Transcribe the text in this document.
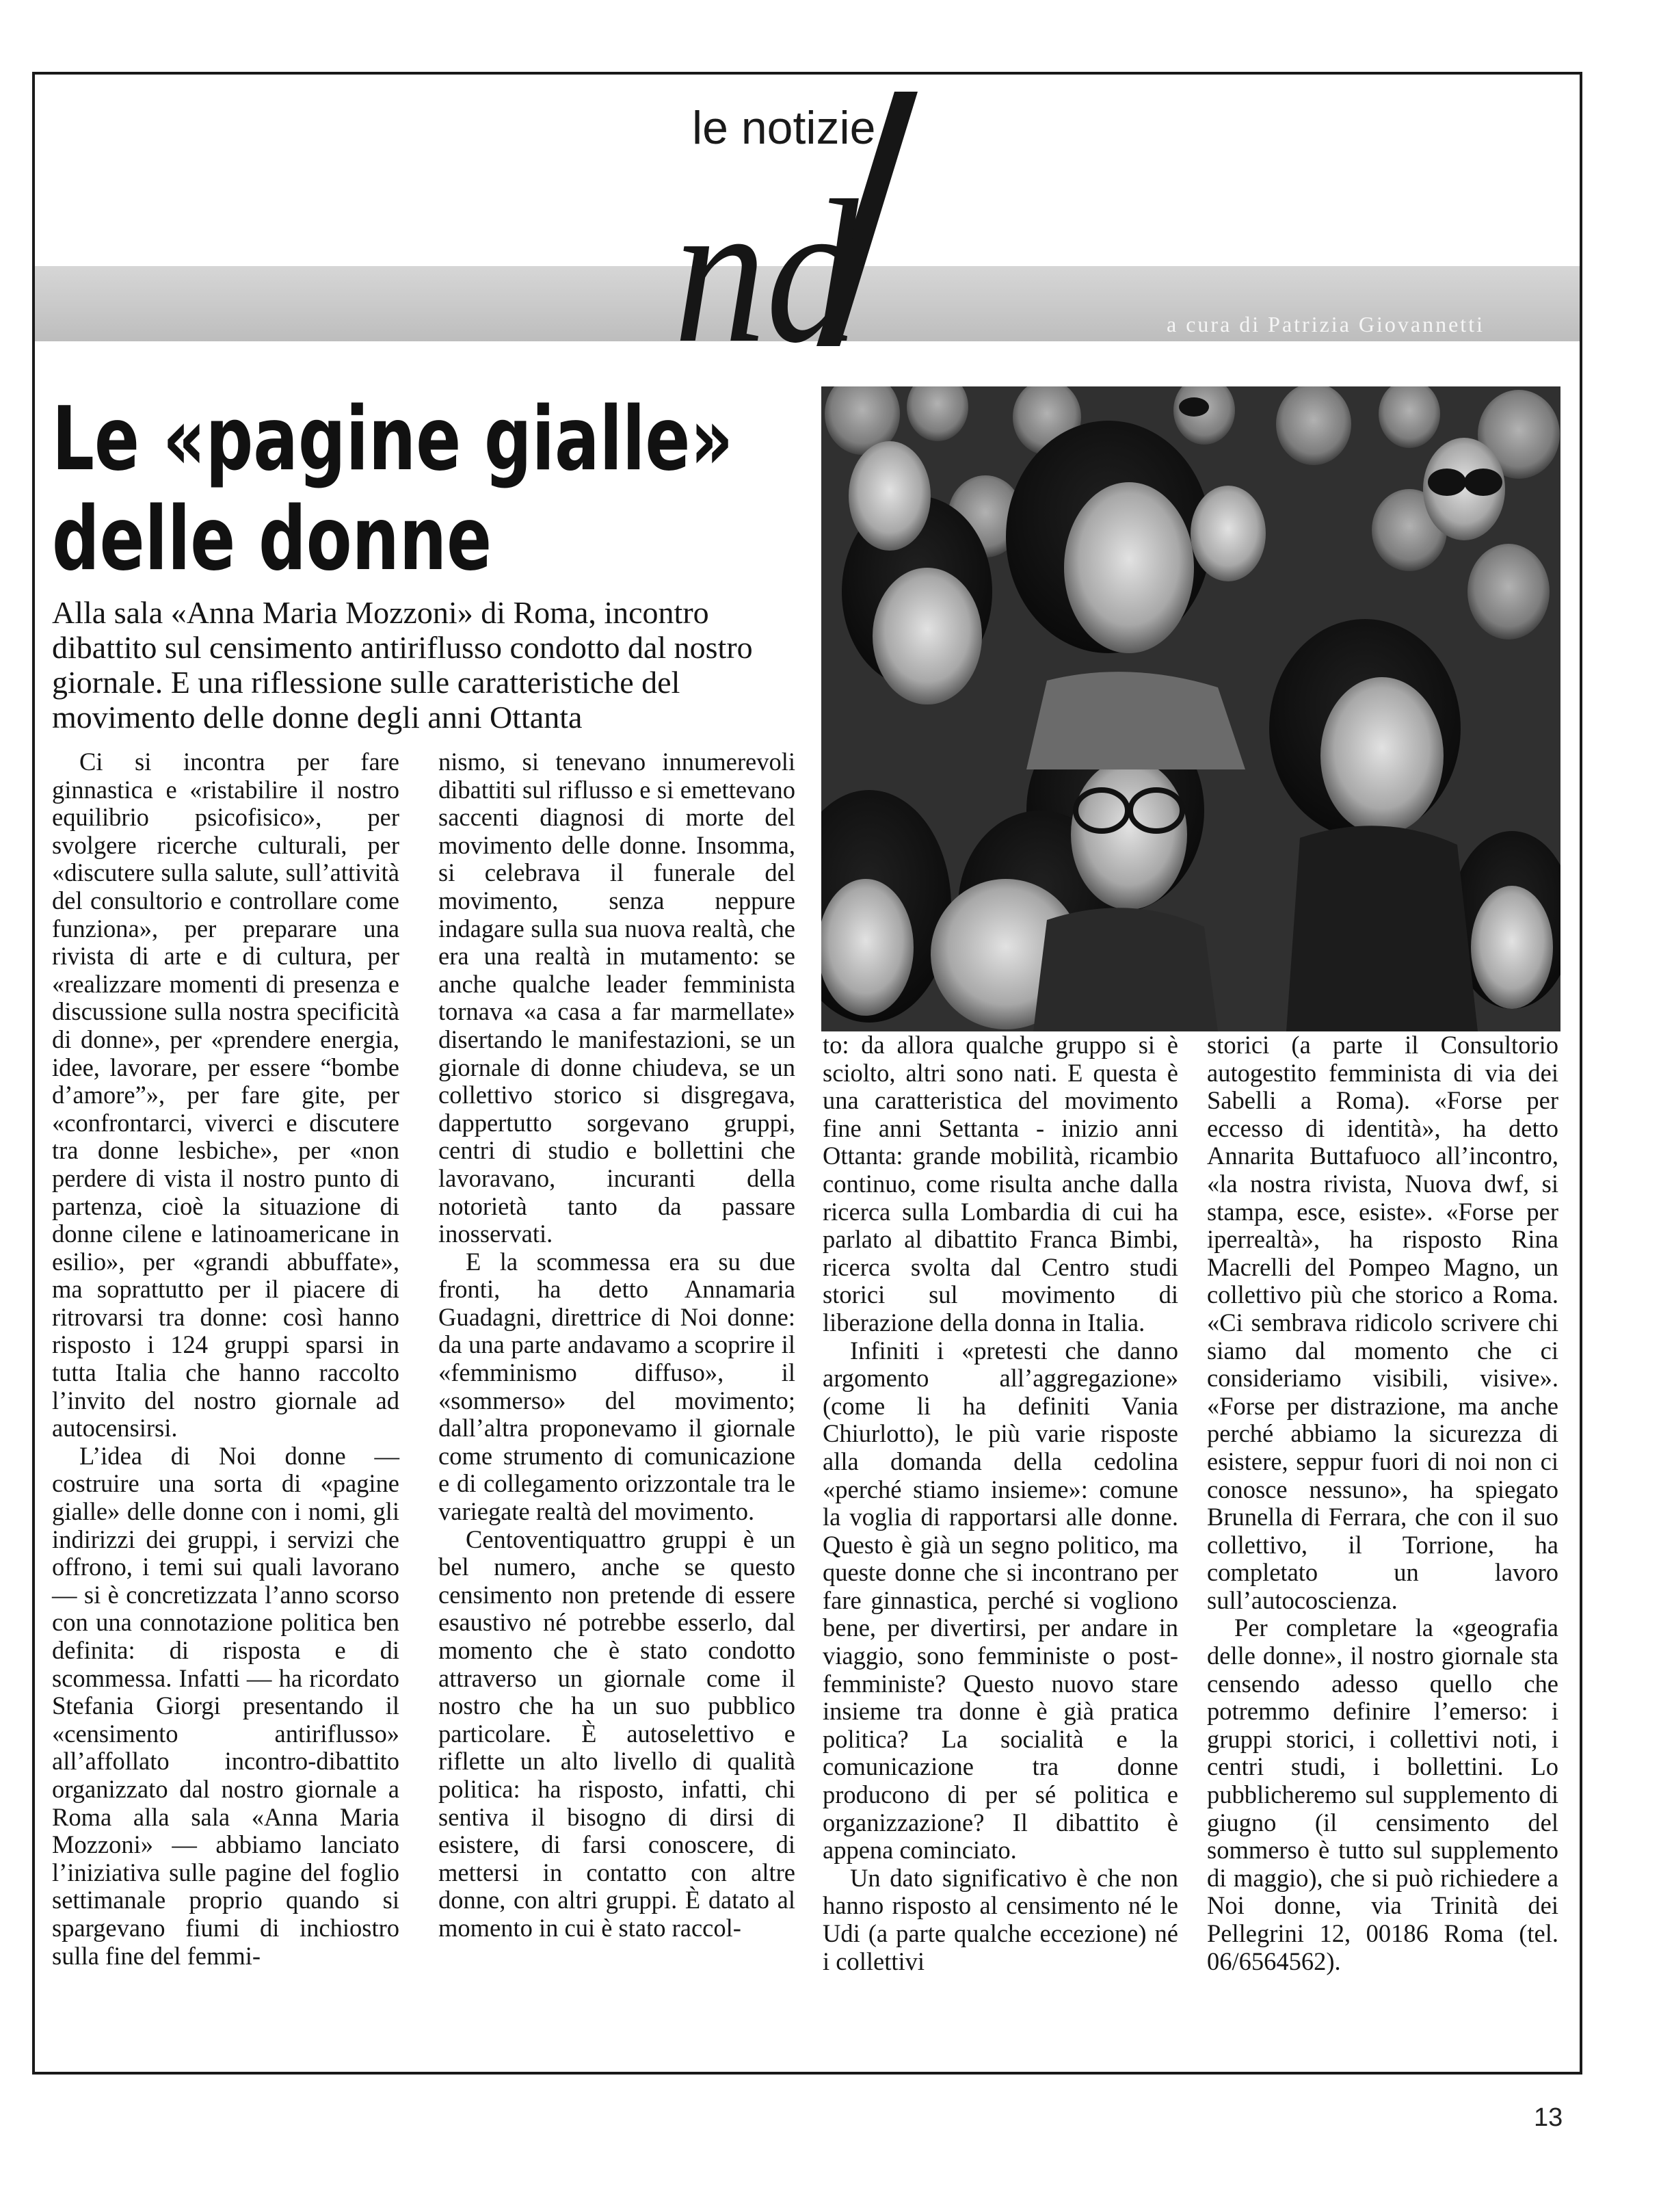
le notizie
nd	a cura di Patrizia Giovannetti
Le «pagine gialle»
delle donne
Alla sala «Anna Maria Mozzoni» di Roma, incontro dibattito sul censimento antiriflusso condotto dal nostro giornale. E una riflessione sulle caratteristiche del movimento delle donne degli anni Ottanta

Ci si incontra per fare ginnastica e «ristabilire il nostro equilibrio psicofisico», per svolgere ricerche culturali, per «discutere sulla salute, sull’attività del consultorio e controllare come funziona», per preparare una rivista di arte e di cultura, per «realizzare momenti di presenza e discussione sulla nostra specificità di donne», per «prendere energia, idee, lavorare, per essere “bombe d’amore”», per fare gite, per «confrontarci, viverci e discutere tra donne lesbiche», per «non perdere di vista il nostro punto di partenza, cioè la situazione di donne cilene e latinoamericane in esilio», per «grandi abbuffate», ma soprattutto per il piacere di ritrovarsi tra donne: così hanno risposto i 124 gruppi sparsi in tutta Italia che hanno raccolto l’invito del nostro giornale ad autocensirsi.

L’idea di Noi donne — costruire una sorta di «pagine gialle» delle donne con i nomi, gli indirizzi dei gruppi, i servizi che offrono, i temi sui quali lavorano — si è concretizzata l’anno scorso con una connotazione politica ben definita: di risposta e di scommessa. Infatti — ha ricordato Stefania Giorgi presentando il «censimento antiriflusso» all’affollato incontro-dibattito organizzato dal nostro giornale a Roma alla sala «Anna Maria Mozzoni» — abbiamo lanciato l’iniziativa sulle pagine del foglio settimanale proprio quando si spargevano fiumi di inchiostro sulla fine del femmi-

nismo, si tenevano innumerevoli dibattiti sul riflusso e si emettevano saccenti diagnosi di morte del movimento delle donne. Insomma, si celebrava il funerale del movimento, senza neppure indagare sulla sua nuova realtà, che era una realtà in mutamento: se anche qualche leader femminista tornava «a casa a far marmellate» disertando le manifestazioni, se un giornale di donne chiudeva, se un collettivo storico si disgregava, dappertutto sorgevano gruppi, centri di studio e bollettini che lavoravano, incuranti della notorietà tanto da passare inosservati.

E la scommessa era su due fronti, ha detto Annamaria Guadagni, direttrice di Noi donne: da una parte andavamo a scoprire il «femminismo diffuso», il «sommerso» del movimento; dall’altra proponevamo il giornale come strumento di comunicazione e di collegamento orizzontale tra le variegate realtà del movimento.

Centoventiquattro gruppi è un bel numero, anche se questo censimento non pretende di essere esaustivo né potrebbe esserlo, dal momento che è stato condotto attraverso un giornale come il nostro che ha un suo pubblico particolare. È autoselettivo e riflette un alto livello di qualità politica: ha risposto, infatti, chi sentiva il bisogno di dirsi di esistere, di farsi conoscere, di mettersi in contatto con altre donne, con altri gruppi. È datato al momento in cui è stato raccol-

to: da allora qualche gruppo si è sciolto, altri sono nati. E questa è una caratteristica del movimento fine anni Settanta - inizio anni Ottanta: grande mobilità, ricambio continuo, come risulta anche dalla ricerca sulla Lombardia di cui ha parlato al dibattito Franca Bimbi, ricerca svolta dal Centro studi storici sul movimento di liberazione della donna in Italia.

Infiniti i «pretesti che danno argomento all’aggregazione» (come li ha definiti Vania Chiurlotto), le più varie risposte alla domanda della cedolina «perché stiamo insieme»: comune la voglia di rapportarsi alle donne. Questo è già un segno politico, ma queste donne che si incontrano per fare ginnastica, perché si vogliono bene, per divertirsi, per andare in viaggio, sono femministe o post-femministe? Questo nuovo stare insieme tra donne è già pratica politica? La socialità e la comunicazione tra donne producono di per sé politica e organizzazione? Il dibattito è appena cominciato.

Un dato significativo è che non hanno risposto al censimento né le Udi (a parte qualche eccezione) né i collettivi

storici (a parte il Consultorio autogestito femminista di via dei Sabelli a Roma). «Forse per eccesso di identità», ha detto Annarita Buttafuoco all’incontro, «la nostra rivista, Nuova dwf, si stampa, esce, esiste». «Forse per iperrealtà», ha risposto Rina Macrelli del Pompeo Magno, un collettivo più che storico a Roma. «Ci sembrava ridicolo scrivere chi siamo dal momento che ci consideriamo visibili, visive». «Forse per distrazione, ma anche perché abbiamo la sicurezza di esistere, seppur fuori di noi non ci conosce nessuno», ha spiegato Brunella di Ferrara, che con il suo collettivo, il Torrione, ha completato un lavoro sull’autocoscienza.

Per completare la «geografia delle donne», il nostro giornale sta censendo adesso quello che potremmo definire l’emerso: i gruppi storici, i collettivi noti, i centri studi, i bollettini. Lo pubblicheremo sul supplemento di giugno (il censimento del sommerso è tutto sul supplemento di maggio), che si può richiedere a Noi donne, via Trinità dei Pellegrini 12, 00186 Roma (tel. 06/6564562).

13
